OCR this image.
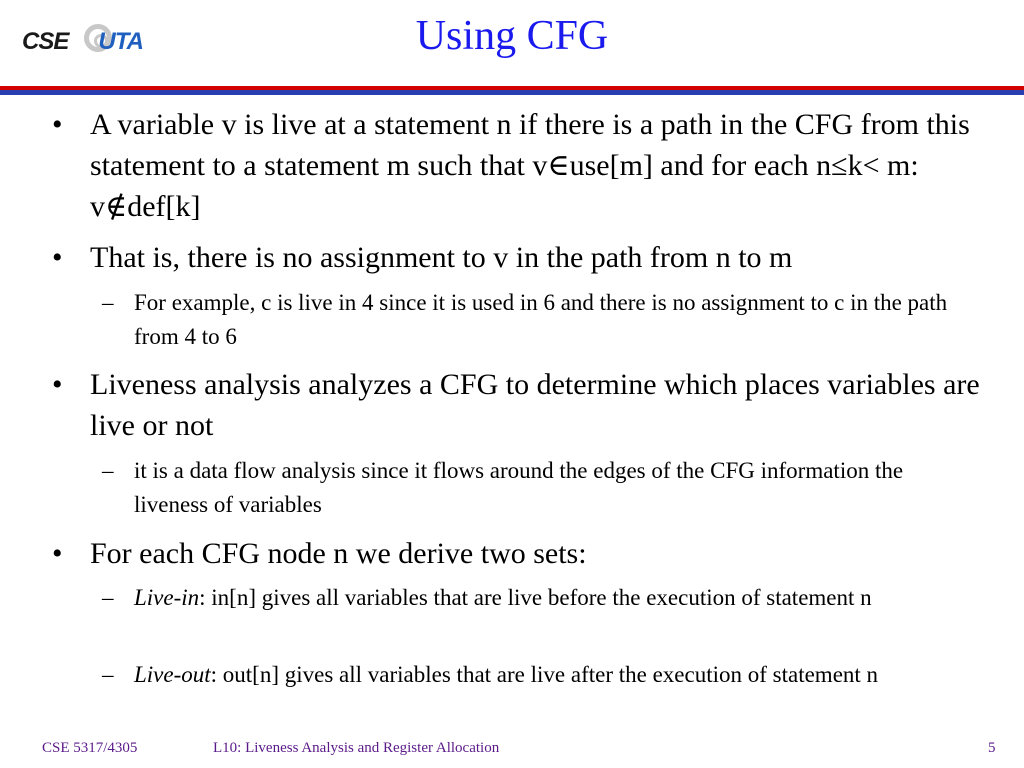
CSE UTA	Using CFG
• A variable v is live at a statement n if there is a path in the CFG from this statement to a statement m such that v∈use[m] and for each n≤k< m: v∉def[k]
• That is, there is no assignment to v in the path from n to m
– For example, c is live in 4 since it is used in 6 and there is no assignment to c in the path from 4 to 6
• Liveness analysis analyzes a CFG to determine which places variables are live or not
– it is a data flow analysis since it flows around the edges of the CFG information the liveness of variables
• For each CFG node n we derive two sets:
– Live-in: in[n] gives all variables that are live before the execution of statement n
– Live-out: out[n] gives all variables that are live after the execution of statement n
CSE 5317/4305	L10: Liveness Analysis and Register Allocation	5
